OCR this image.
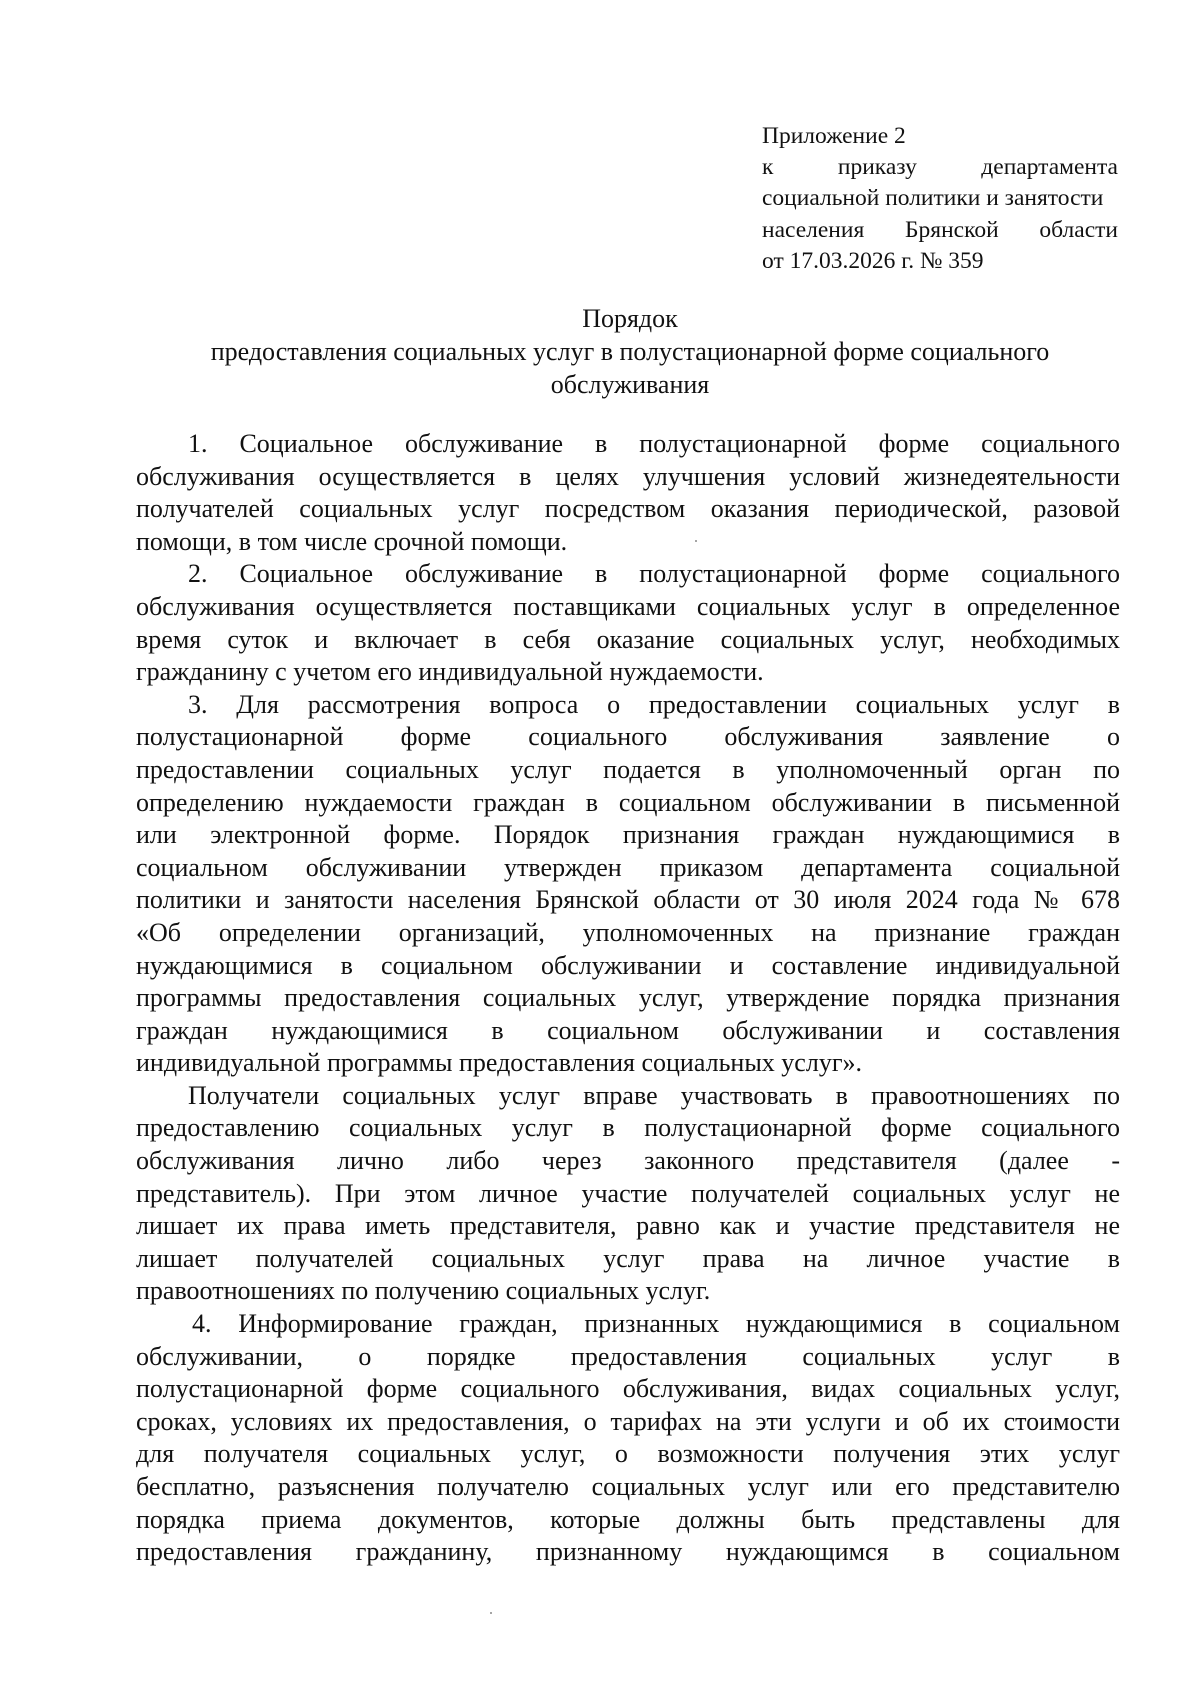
Приложение 2
к приказу департамента
социальной политики и занятости
населения Брянской области
от 17.03.2026 г. № 359
Порядок
предоставления социальных услуг в полустационарной форме социального
обслуживания
1. Социальное обслуживание в полустационарной форме социального
обслуживания осуществляется в целях улучшения условий жизнедеятельности
получателей социальных услуг посредством оказания периодической, разовой
помощи, в том числе срочной помощи.
2. Социальное обслуживание в полустационарной форме социального
обслуживания осуществляется поставщиками социальных услуг в определенное
время суток и включает в себя оказание социальных услуг, необходимых
гражданину с учетом его индивидуальной нуждаемости.
3. Для рассмотрения вопроса о предоставлении социальных услуг в
полустационарной форме социального обслуживания заявление о
предоставлении социальных услуг подается в уполномоченный орган по
определению нуждаемости граждан в социальном обслуживании в письменной
или электронной форме. Порядок признания граждан нуждающимися в
социальном обслуживании утвержден приказом департамента социальной
политики и занятости населения Брянской области от 30 июля 2024 года № 678
«Об определении организаций, уполномоченных на признание граждан
нуждающимися в социальном обслуживании и составление индивидуальной
программы предоставления социальных услуг, утверждение порядка признания
граждан нуждающимися в социальном обслуживании и составления
индивидуальной программы предоставления социальных услуг».
Получатели социальных услуг вправе участвовать в правоотношениях по
предоставлению социальных услуг в полустационарной форме социального
обслуживания лично либо через законного представителя (далее -
представитель). При этом личное участие получателей социальных услуг не
лишает их права иметь представителя, равно как и участие представителя не
лишает получателей социальных услуг права на личное участие в
правоотношениях по получению социальных услуг.
4. Информирование граждан, признанных нуждающимися в социальном
обслуживании, о порядке предоставления социальных услуг в
полустационарной форме социального обслуживания, видах социальных услуг,
сроках, условиях их предоставления, о тарифах на эти услуги и об их стоимости
для получателя социальных услуг, о возможности получения этих услуг
бесплатно, разъяснения получателю социальных услуг или его представителю
порядка приема документов, которые должны быть представлены для
предоставления гражданину, признанному нуждающимся в социальном
